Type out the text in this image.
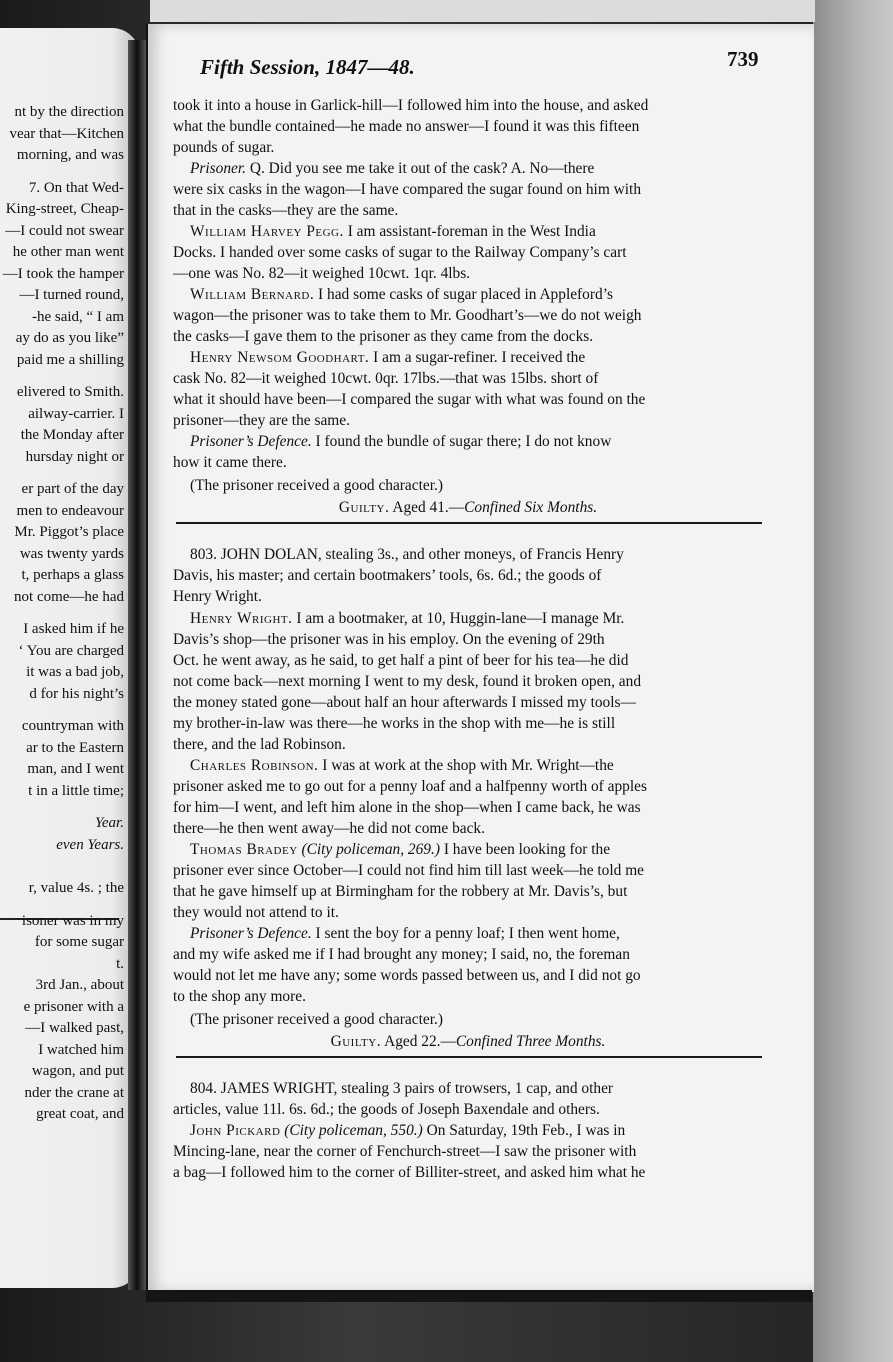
nt by the direction
vear that—Kitchen
morning, and was
7. On that Wed-
King-street, Cheap-
—I could not swear
he other man went
—I took the hamper
—I turned round,
-he said, “ I am
ay do as you like”
paid me a shilling
elivered to Smith.
ailway-carrier. I
the Monday after
hursday night or
er part of the day
men to endeavour
Mr. Piggot’s place
was twenty yards
t, perhaps a glass
not come—he had
I asked him if he
‘ You are charged
it was a bad job,
d for his night’s
countryman with
ar to the Eastern
man, and I went
t in a little time;
Year.
even Years.
r, value 4s. ; the
isoner was in my
for some sugar
t.
3rd Jan., about
e prisoner with a
—I walked past,
I watched him
wagon, and put
nder the crane at
great coat, and
Fifth Session, 1847—48.	739
took it into a house in Garlick-hill—I followed him into the house, and asked
what the bundle contained—he made no answer—I found it was this fifteen
pounds of sugar.
Prisoner. Q. Did you see me take it out of the cask? A. No—there
were six casks in the wagon—I have compared the sugar found on him with
that in the casks—they are the same.
William Harvey Pegg. I am assistant-foreman in the West India
Docks. I handed over some casks of sugar to the Railway Company’s cart
—one was No. 82—it weighed 10cwt. 1qr. 4lbs.
William Bernard. I had some casks of sugar placed in Appleford’s
wagon—the prisoner was to take them to Mr. Goodhart’s—we do not weigh
the casks—I gave them to the prisoner as they came from the docks.
Henry Newsom Goodhart. I am a sugar-refiner. I received the
cask No. 82—it weighed 10cwt. 0qr. 17lbs.—that was 15lbs. short of
what it should have been—I compared the sugar with what was found on the
prisoner—they are the same.
Prisoner’s Defence. I found the bundle of sugar there; I do not know
how it came there.
(The prisoner received a good character.)
Guilty. Aged 41.—Confined Six Months.
803. JOHN DOLAN, stealing 3s., and other moneys, of Francis Henry
Davis, his master; and certain bootmakers’ tools, 6s. 6d.; the goods of
Henry Wright.
Henry Wright. I am a bootmaker, at 10, Huggin-lane—I manage Mr.
Davis’s shop—the prisoner was in his employ. On the evening of 29th
Oct. he went away, as he said, to get half a pint of beer for his tea—he did
not come back—next morning I went to my desk, found it broken open, and
the money stated gone—about half an hour afterwards I missed my tools—
my brother-in-law was there—he works in the shop with me—he is still
there, and the lad Robinson.
Charles Robinson. I was at work at the shop with Mr. Wright—the
prisoner asked me to go out for a penny loaf and a halfpenny worth of apples
for him—I went, and left him alone in the shop—when I came back, he was
there—he then went away—he did not come back.
Thomas Bradey (City policeman, 269.) I have been looking for the
prisoner ever since October—I could not find him till last week—he told me
that he gave himself up at Birmingham for the robbery at Mr. Davis’s, but
they would not attend to it.
Prisoner’s Defence. I sent the boy for a penny loaf; I then went home,
and my wife asked me if I had brought any money; I said, no, the foreman
would not let me have any; some words passed between us, and I did not go
to the shop any more.
(The prisoner received a good character.)
Guilty. Aged 22.—Confined Three Months.
804. JAMES WRIGHT, stealing 3 pairs of trowsers, 1 cap, and other
articles, value 11l. 6s. 6d.; the goods of Joseph Baxendale and others.
John Pickard (City policeman, 550.) On Saturday, 19th Feb., I was in
Mincing-lane, near the corner of Fenchurch-street—I saw the prisoner with
a bag—I followed him to the corner of Billiter-street, and asked him what he
